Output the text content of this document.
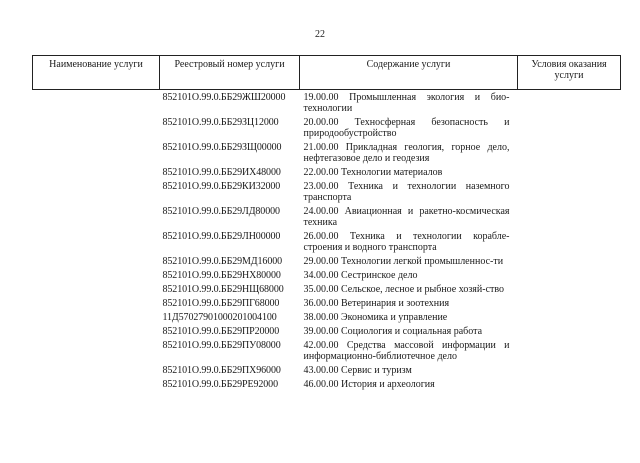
22
Наименование услуги	Реестровый номер услуги	Содержание услуги	Условия оказания услуги
	852101О.99.0.ББ29ЖШ20000	19.00.00 Промышленная экология и био-технологии	
	852101О.99.0.ББ29ЗЦ12000	20.00.00 Техносферная безопасность и природообустройство	
	852101О.99.0.ББ29ЗЩ00000	21.00.00 Прикладная геология, горное дело, нефтегазовое дело и геодезия	
	852101О.99.0.ББ29ИХ48000	22.00.00 Технологии материалов	
	852101О.99.0.ББ29КИ32000	23.00.00 Техника и технологии наземного транспорта	
	852101О.99.0.ББ29ЛД80000	24.00.00 Авиационная и ракетно-космическая техника	
	852101О.99.0.ББ29ЛН00000	26.00.00 Техника и технологии корабле-строения и водного транспорта	
	852101О.99.0.ББ29МД16000	29.00.00 Технологии легкой промышленнос-ти	
	852101О.99.0.ББ29НХ80000	34.00.00 Сестринское дело	
	852101О.99.0.ББ29НЩ68000	35.00.00 Сельское, лесное и рыбное хозяй-ство	
	852101О.99.0.ББ29ПГ68000	36.00.00 Ветеринария и зоотехния	
	11Д57027901000201004100	38.00.00 Экономика и управление	
	852101О.99.0.ББ29ПР20000	39.00.00 Социология и социальная работа	
	852101О.99.0.ББ29ПУ08000	42.00.00 Средства массовой информации и информационно-библиотечное дело	
	852101О.99.0.ББ29ПХ96000	43.00.00 Сервис и туризм	
	852101О.99.0.ББ29РЕ92000	46.00.00 История и археология	
